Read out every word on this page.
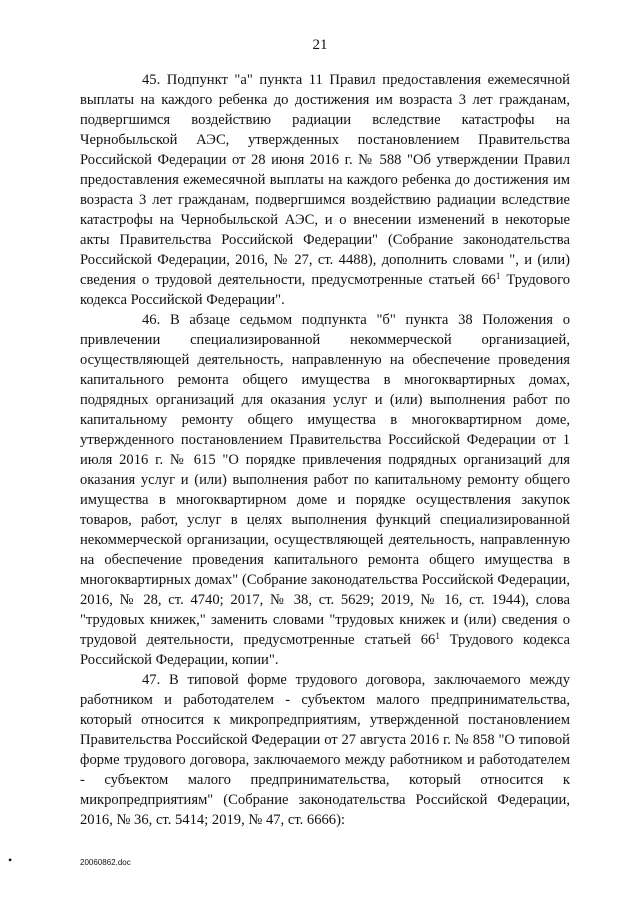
21

45. Подпункт "а" пункта 11 Правил предоставления ежемесячной выплаты на каждого ребенка до достижения им возраста 3 лет гражданам, подвергшимся воздействию радиации вследствие катастрофы на Чернобыльской АЭС, утвержденных постановлением Правительства Российской Федерации от 28 июня 2016 г. № 588 "Об утверждении Правил предоставления ежемесячной выплаты на каждого ребенка до достижения им возраста 3 лет гражданам, подвергшимся воздействию радиации вследствие катастрофы на Чернобыльской АЭС, и о внесении изменений в некоторые акты Правительства Российской Федерации" (Собрание законодательства Российской Федерации, 2016, № 27, ст. 4488), дополнить словами ", и (или) сведения о трудовой деятельности, предусмотренные статьей $66^1$ Трудового кодекса Российской Федерации".

46. В абзаце седьмом подпункта "б" пункта 38 Положения о привлечении специализированной некоммерческой организацией, осуществляющей деятельность, направленную на обеспечение проведения капитального ремонта общего имущества в многоквартирных домах, подрядных организаций для оказания услуг и (или) выполнения работ по капитальному ремонту общего имущества в многоквартирном доме, утвержденного постановлением Правительства Российской Федерации от 1 июля 2016 г. № 615 "О порядке привлечения подрядных организаций для оказания услуг и (или) выполнения работ по капитальному ремонту общего имущества в многоквартирном доме и порядке осуществления закупок товаров, работ, услуг в целях выполнения функций специализированной некоммерческой организации, осуществляющей деятельность, направленную на обеспечение проведения капитального ремонта общего имущества в многоквартирных домах" (Собрание законодательства Российской Федерации, 2016, № 28, ст. 4740; 2017, № 38, ст. 5629; 2019, № 16, ст. 1944), слова "трудовых книжек," заменить словами "трудовых книжек и (или) сведения о трудовой деятельности, предусмотренные статьей $66^1$ Трудового кодекса Российской Федерации, копии".

47. В типовой форме трудового договора, заключаемого между работником и работодателем - субъектом малого предпринимательства, который относится к микропредприятиям, утвержденной постановлением Правительства Российской Федерации от 27 августа 2016 г. № 858 "О типовой форме трудового договора, заключаемого между работником и работодателем - субъектом малого предпринимательства, который относится к микропредприятиям" (Собрание законодательства Российской Федерации, 2016, № 36, ст. 5414; 2019, № 47, ст. 6666):

•	20060862.doc
